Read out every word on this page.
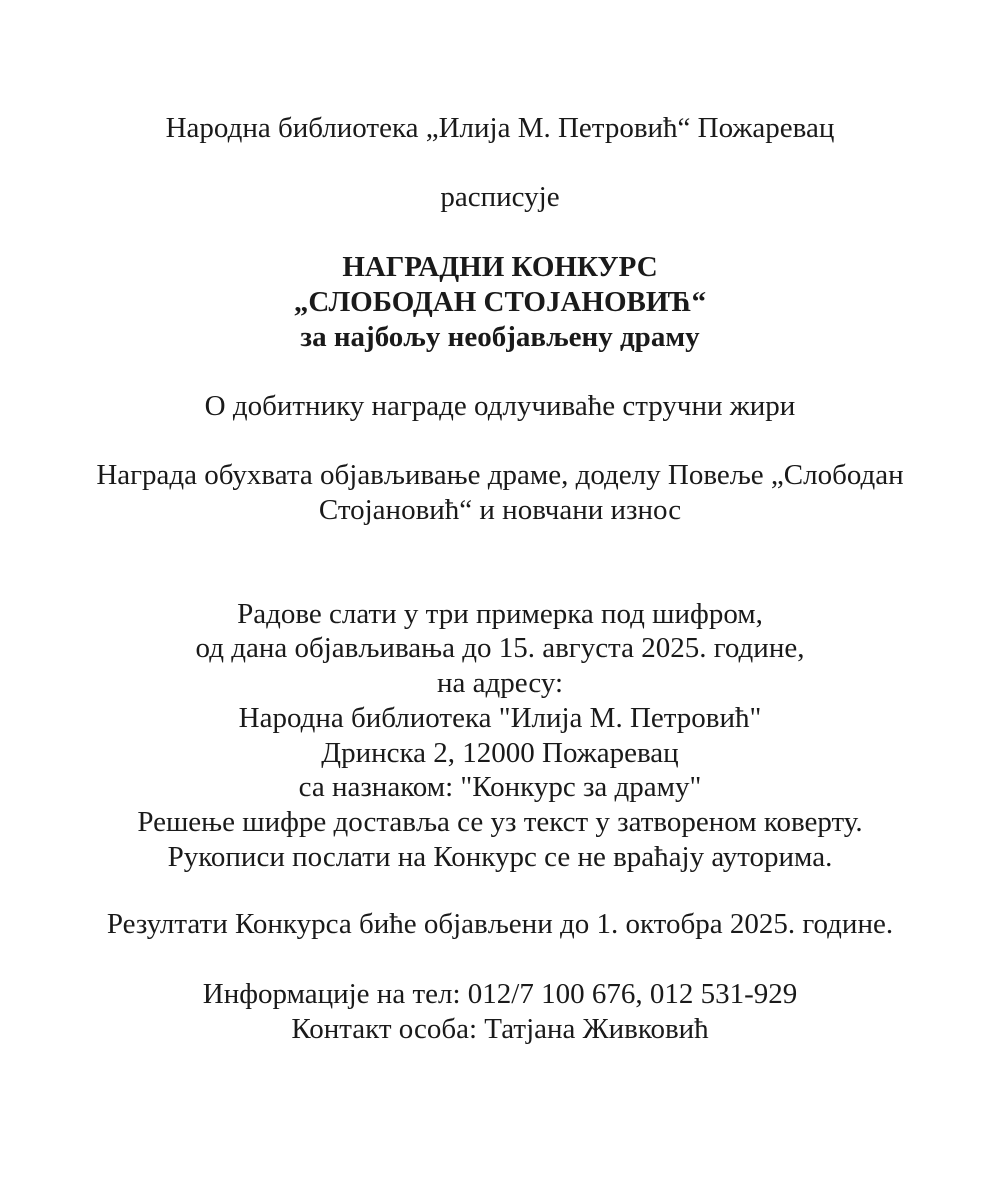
Народна библиотека „Илија М. Петровић“ Пожаревац
расписује
НАГРАДНИ КОНКУРС
„СЛОБОДАН СТОЈАНОВИЋ“
за најбољу необјављену драму
О добитнику награде одлучиваће стручни жири
Награда обухвата објављивање драме, доделу Повеље „Слободан
Стојановић“ и новчани износ
Радове слати у три примерка под шифром,
од дана објављивања до 15. августа 2025. године,
на адресу:
Народна библиотека "Илија М. Петровић"
Дринска 2, 12000 Пожаревац
са назнаком: "Конкурс за драму"
Решење шифре доставља се уз текст у затвореном коверту.
Рукописи послати на Конкурс се не враћају ауторима.
Резултати Конкурса биће објављени до 1. октобра 2025. године.
Информације на тел: 012/7 100 676, 012 531-929
Контакт особа: Татјана Живковић
